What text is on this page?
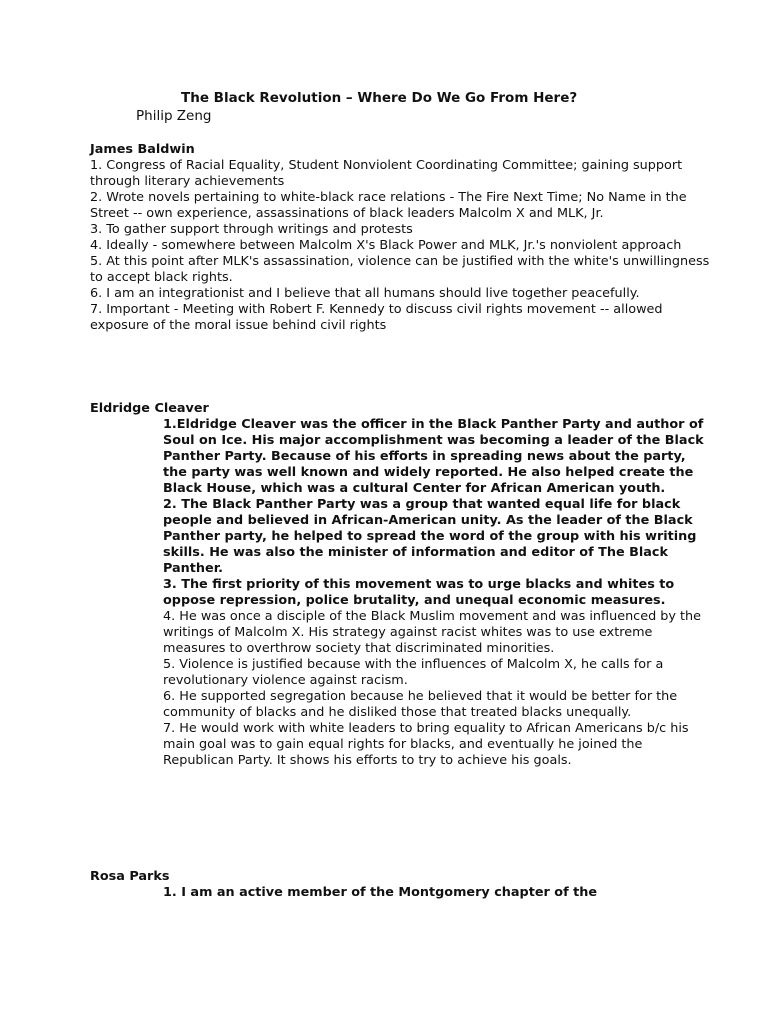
The Black Revolution – Where Do We Go From Here?
Philip Zeng
James Baldwin
1. Congress of Racial Equality, Student Nonviolent Coordinating Committee; gaining support through literary achievements
2. Wrote novels pertaining to white-black race relations - The Fire Next Time; No Name in the Street -- own experience, assassinations of black leaders Malcolm X and MLK, Jr.
3. To gather support through writings and protests
4. Ideally - somewhere between Malcolm X's Black Power and MLK, Jr.'s nonviolent approach
5. At this point after MLK's assassination, violence can be justified with the white's unwillingness to accept black rights.
6. I am an integrationist and I believe that all humans should live together peacefully.
7. Important - Meeting with Robert F. Kennedy to discuss civil rights movement -- allowed exposure of the moral issue behind civil rights
Eldridge Cleaver
1.Eldridge Cleaver was the officer in the Black Panther Party and author of Soul on Ice. His major accomplishment was becoming a leader of the Black Panther Party. Because of his efforts in spreading news about the party, the party was well known and widely reported. He also helped create the Black House, which was a cultural Center for African American youth.
2. The Black Panther Party was a group that wanted equal life for black people and believed in African-American unity. As the leader of the Black Panther party, he helped to spread the word of the group with his writing skills. He was also the minister of information and editor of The Black Panther.
3. The first priority of this movement was to urge blacks and whites to oppose repression, police brutality, and unequal economic measures.
4. He was once a disciple of the Black Muslim movement and was influenced by the writings of Malcolm X. His strategy against racist whites was to use extreme measures to overthrow society that discriminated minorities.
5. Violence is justified because with the influences of Malcolm X, he calls for a revolutionary violence against racism.
6. He supported segregation because he believed that it would be better for the community of blacks and he disliked those that treated blacks unequally.
7. He would work with white leaders to bring equality to African Americans b/c his main goal was to gain equal rights for blacks, and eventually he joined the Republican Party. It shows his efforts to try to achieve his goals.
Rosa Parks
1. I am an active member of the Montgomery chapter of the
